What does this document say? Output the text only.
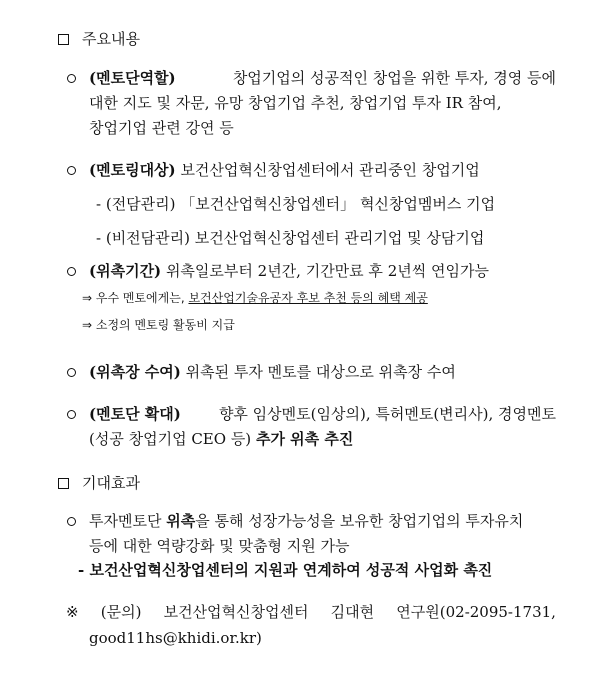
주요내용
(멘토단역할)	창업기업의 성공적인 창업을 위한 투자, 경영 등에
대한 지도 및 자문, 유망 창업기업 추천, 창업기업 투자 IR 참여,
창업기업 관련 강연 등
(멘토링대상) 보건산업혁신창업센터에서 관리중인 창업기업
- (전담관리) 「보건산업혁신창업센터」 혁신창업멤버스 기업
- (비전담관리) 보건산업혁신창업센터 관리기업 및 상담기업
(위촉기간) 위촉일로부터 2년간, 기간만료 후 2년씩 연임가능
⇒ 우수 멘토에게는, 보건산업기술유공자 후보 추천 등의 혜택 제공
⇒ 소정의 멘토링 활동비 지급
(위촉장 수여) 위촉된 투자 멘토를 대상으로 위촉장 수여
(멘토단 확대)	향후 임상멘토(임상의), 특허멘토(변리사), 경영멘토
(성공 창업기업 CEO 등) 추가 위촉 추진
기대효과
투자멘토단 위촉을 통해 성장가능성을 보유한 창업기업의 투자유치
등에 대한 역량강화 및 맞춤형 지원 가능
- 보건산업혁신창업센터의 지원과 연계하여 성공적 사업화 촉진
※ (문의) 보건산업혁신창업센터 김대현 연구원(02-2095-1731,
good11hs@khidi.or.kr)
